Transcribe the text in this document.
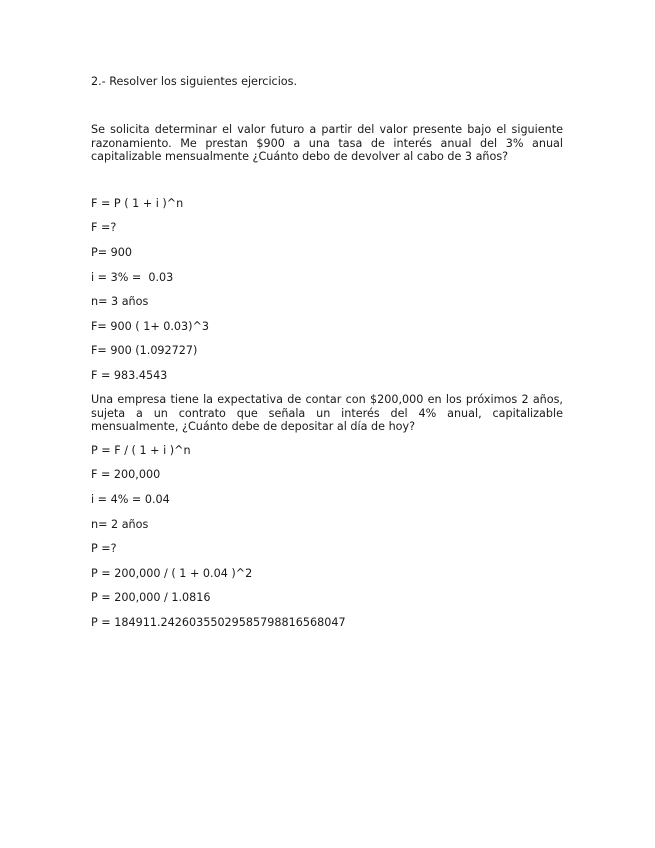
2.- Resolver los siguientes ejercicios.

Se solicita determinar el valor futuro a partir del valor presente bajo el siguiente razonamiento. Me prestan $900 a una tasa de interés anual del 3% anual capitalizable mensualmente ¿Cuánto debo de devolver al cabo de 3 años?

F = P ( 1 + i )^n

F =?

P= 900

i = 3% =  0.03

n= 3 años

F= 900 ( 1+ 0.03)^3

F= 900 (1.092727)

F = 983.4543

Una empresa tiene la expectativa de contar con $200,000 en los próximos 2 años, sujeta a un contrato que señala un interés del 4% anual, capitalizable mensualmente, ¿Cuánto debe de depositar al día de hoy?

P = F / ( 1 + i )^n

F = 200,000

i = 4% = 0.04

n= 2 años

P =?

P = 200,000 / ( 1 + 0.04 )^2

P = 200,000 / 1.0816

P = 184911.24260355029585798816568047
